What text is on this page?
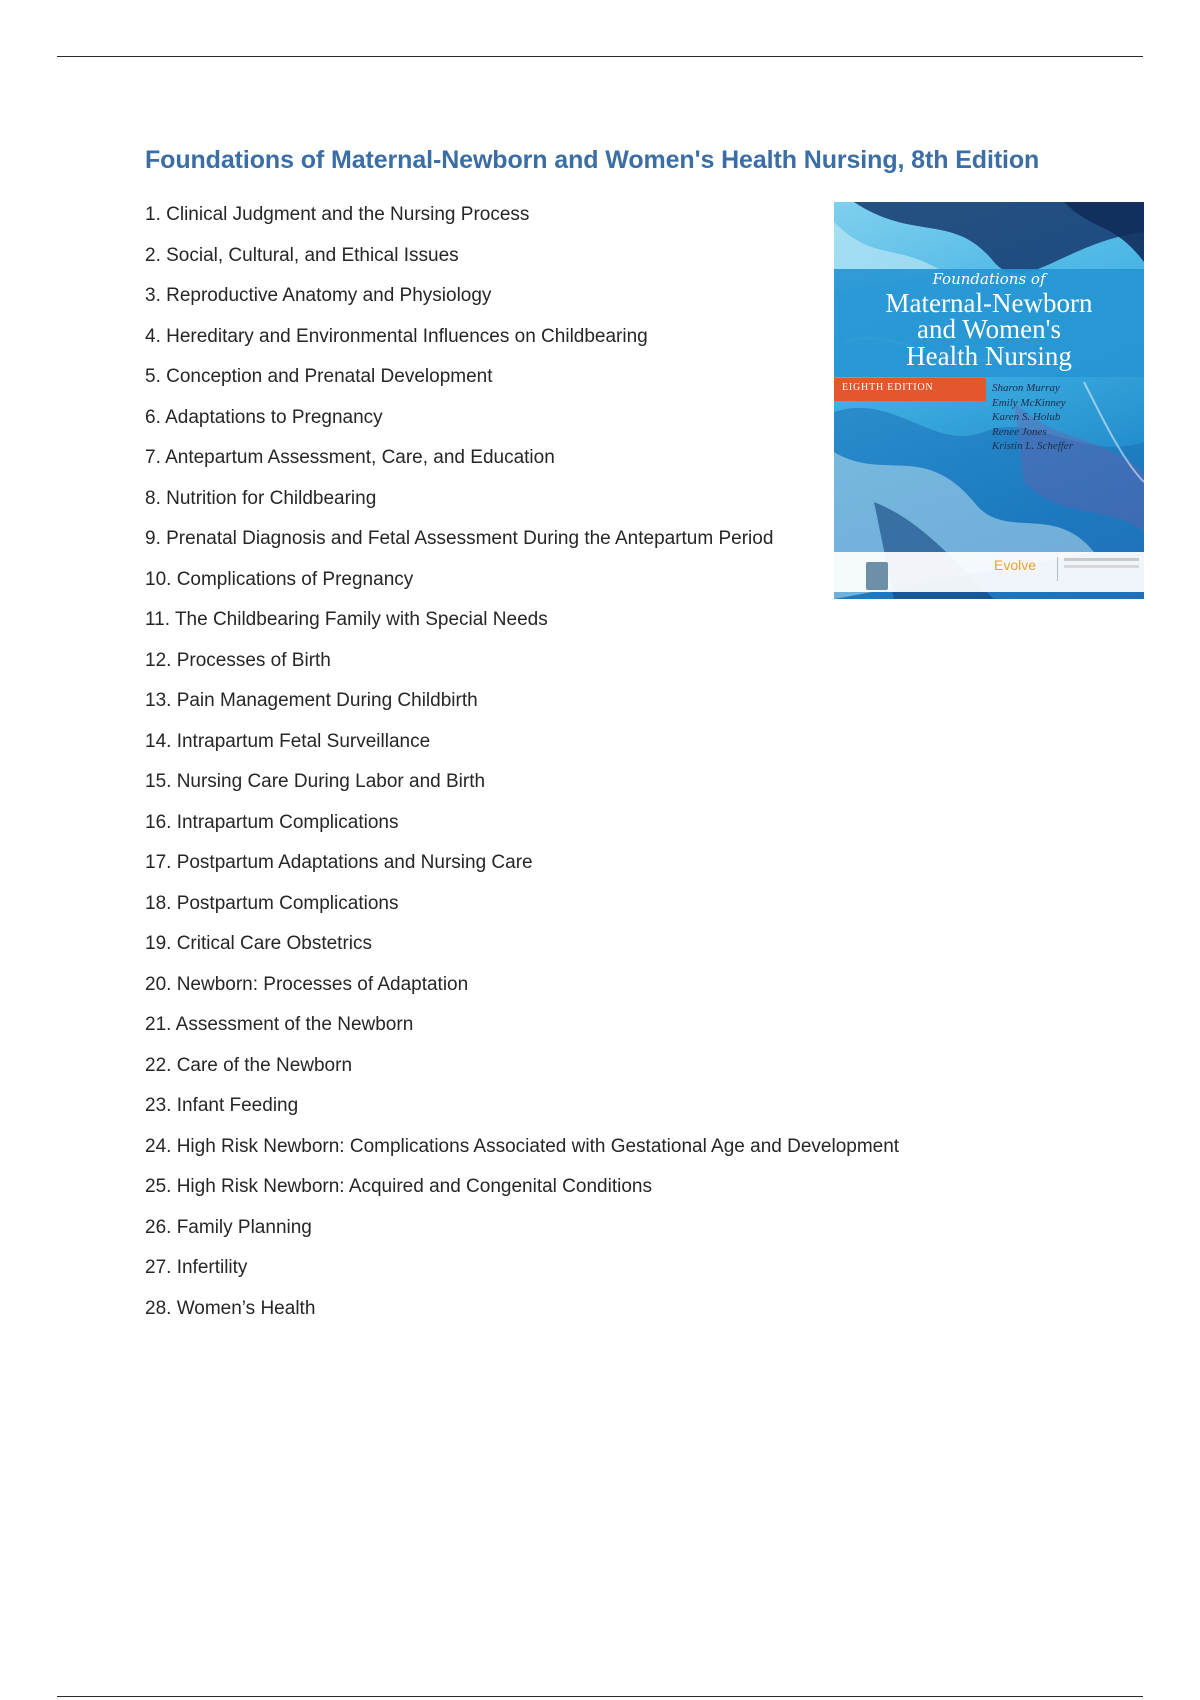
Foundations of Maternal-Newborn and Women's Health Nursing, 8th Edition
1. Clinical Judgment and the Nursing Process
2. Social, Cultural, and Ethical Issues
3. Reproductive Anatomy and Physiology
4. Hereditary and Environmental Influences on Childbearing
5. Conception and Prenatal Development
6. Adaptations to Pregnancy
7. Antepartum Assessment, Care, and Education
8. Nutrition for Childbearing
9. Prenatal Diagnosis and Fetal Assessment During the Antepartum Period
10. Complications of Pregnancy
11. The Childbearing Family with Special Needs
12. Processes of Birth
13. Pain Management During Childbirth
14. Intrapartum Fetal Surveillance
15. Nursing Care During Labor and Birth
16. Intrapartum Complications
17. Postpartum Adaptations and Nursing Care
18. Postpartum Complications
19. Critical Care Obstetrics
20. Newborn: Processes of Adaptation
21. Assessment of the Newborn
22. Care of the Newborn
23. Infant Feeding
24. High Risk Newborn: Complications Associated with Gestational Age and Development
25. High Risk Newborn: Acquired and Congenital Conditions
26. Family Planning
27. Infertility
28. Women’s Health
Foundations of
Maternal-Newborn
and Women's
Health Nursing
EIGHTH EDITION	Sharon Murray
Emily McKinney
Karen S. Holub
Renee Jones
Kristin L. Scheffer
Evolve
